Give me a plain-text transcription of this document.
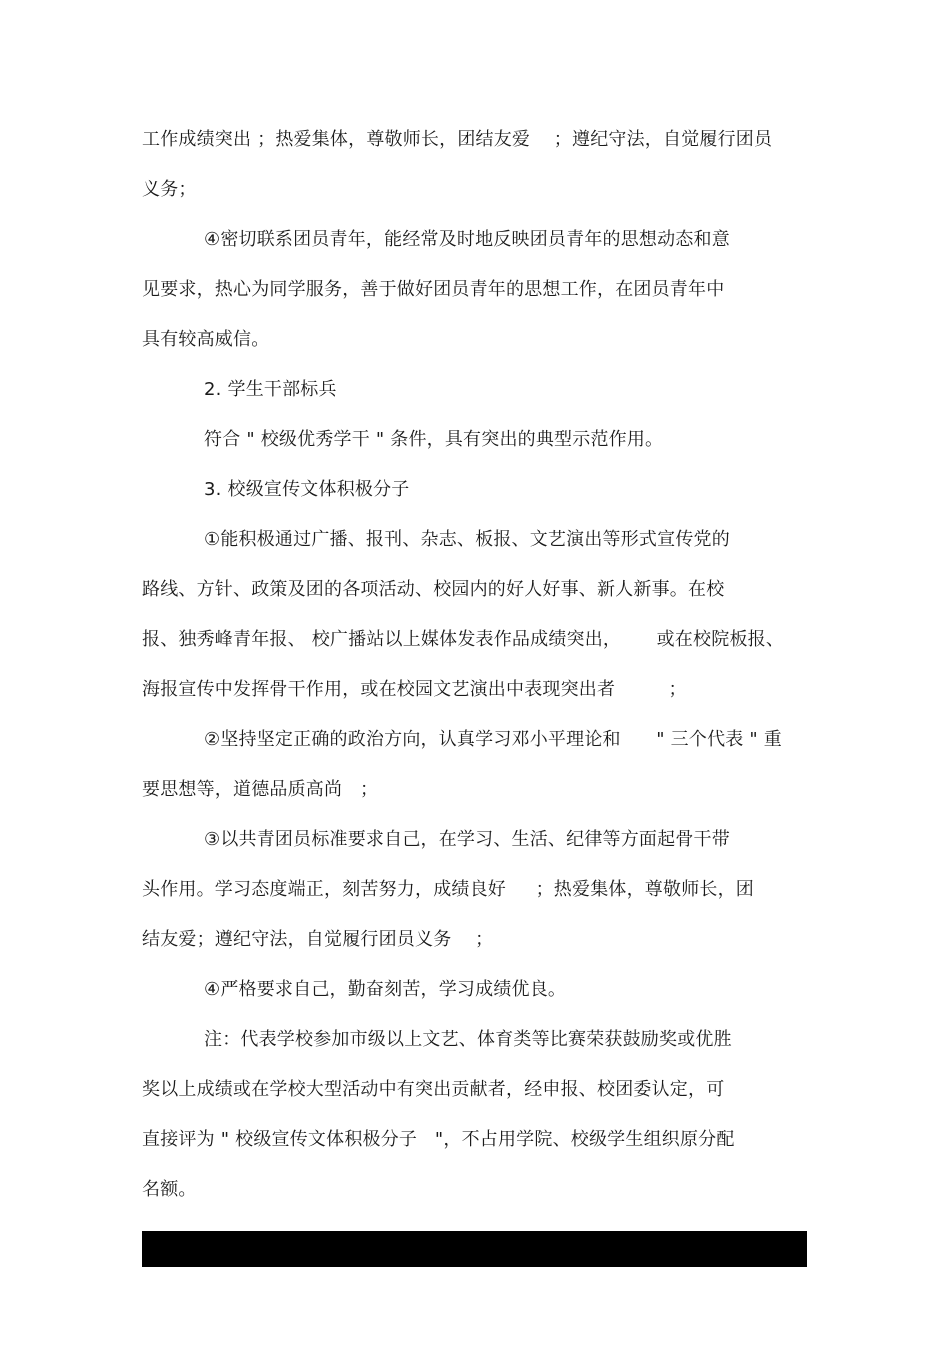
工作成绩突出 ；热爱集体，尊敬师长，团结友爱    ；遵纪守法，自觉履行团员
义务；
④密切联系团员青年，能经常及时地反映团员青年的思想动态和意
见要求，热心为同学服务，善于做好团员青年的思想工作，在团员青年中
具有较高威信。
2. 学生干部标兵
符合 " 校级优秀学干 " 条件，具有突出的典型示范作用。
3. 校级宣传文体积极分子
①能积极通过广播、报刊、杂志、板报、文艺演出等形式宣传党的
路线、方针、政策及团的各项活动、校园内的好人好事、新人新事。在校
报、独秀峰青年报、 校广播站以上媒体发表作品成绩突出，      或在校院板报、
海报宣传中发挥骨干作用，或在校园文艺演出中表现突出者         ；
②坚持坚定正确的政治方向，认真学习邓小平理论和      " 三个代表 " 重
要思想等，道德品质高尚   ；
③以共青团员标准要求自己，在学习、生活、纪律等方面起骨干带
头作用。学习态度端正，刻苦努力，成绩良好     ；热爱集体，尊敬师长，团
结友爱；遵纪守法，自觉履行团员义务    ；
④严格要求自己，勤奋刻苦，学习成绩优良。
注：代表学校参加市级以上文艺、体育类等比赛荣获鼓励奖或优胜
奖以上成绩或在学校大型活动中有突出贡献者，经申报、校团委认定，可
直接评为 " 校级宣传文体积极分子   "，不占用学院、校级学生组织原分配
名额。
